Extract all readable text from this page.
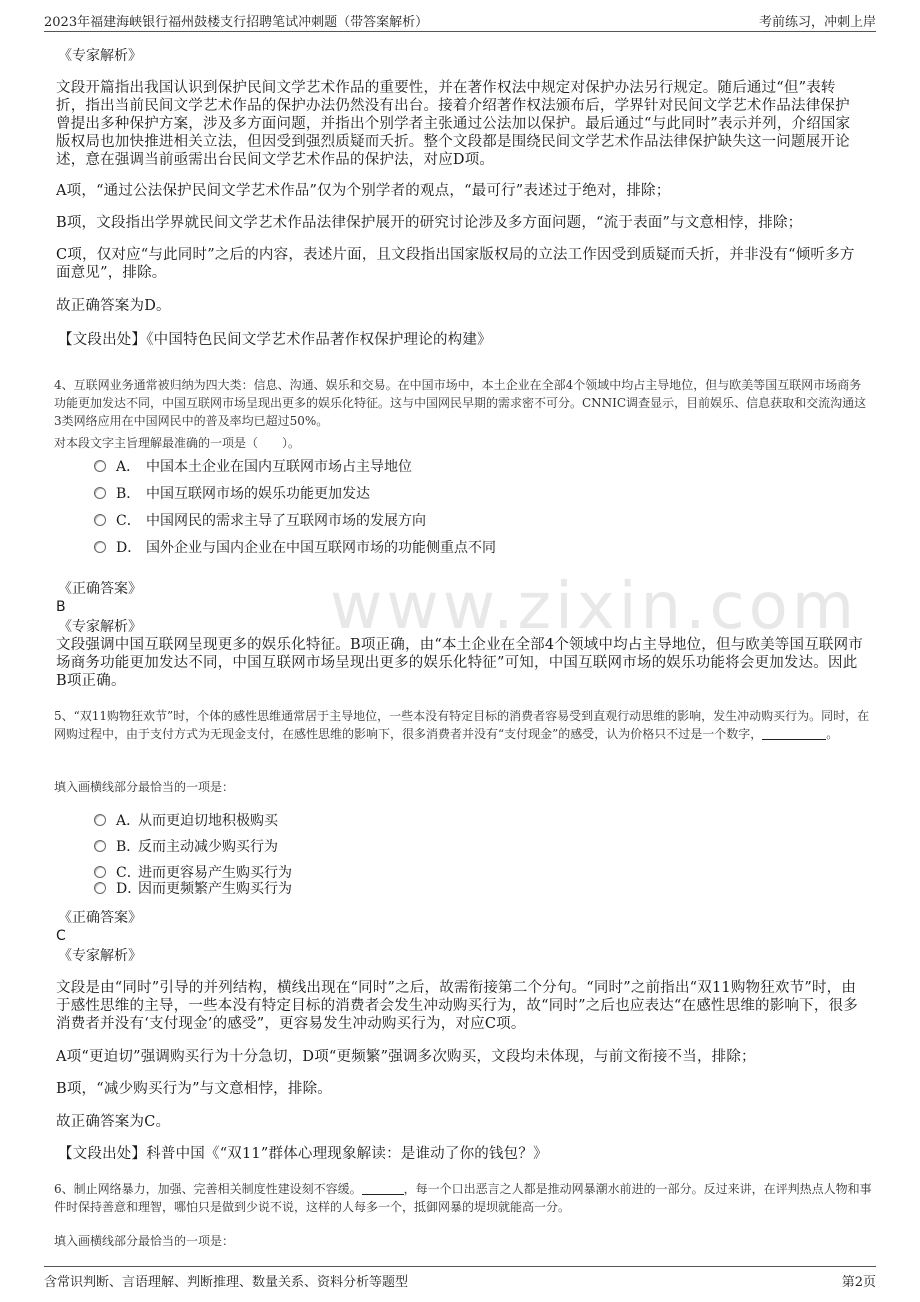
2023年福建海峡银行福州鼓楼支行招聘笔试冲刺题（带答案解析）	考前练习，冲刺上岸
www.zixin.com

《专家解析》

文段开篇指出我国认识到保护民间文学艺术作品的重要性，并在著作权法中规定对保护办法另行规定。随后通过“但”表转折，指出当前民间文学艺术作品的保护办法仍然没有出台。接着介绍著作权法颁布后，学界针对民间文学艺术作品法律保护曾提出多种保护方案，涉及多方面问题，并指出个别学者主张通过公法加以保护。最后通过“与此同时”表示并列，介绍国家版权局也加快推进相关立法，但因受到强烈质疑而夭折。整个文段都是围绕民间文学艺术作品法律保护缺失这一问题展开论述，意在强调当前亟需出台民间文学艺术作品的保护法，对应D项。

A项，“通过公法保护民间文学艺术作品”仅为个别学者的观点，“最可行”表述过于绝对，排除；

B项，文段指出学界就民间文学艺术作品法律保护展开的研究讨论涉及多方面问题，“流于表面”与文意相悖，排除；

C项，仅对应“与此同时”之后的内容，表述片面，且文段指出国家版权局的立法工作因受到质疑而夭折，并非没有“倾听多方面意见”，排除。

故正确答案为D。

【文段出处】《中国特色民间文学艺术作品著作权保护理论的构建》

4、互联网业务通常被归纳为四大类：信息、沟通、娱乐和交易。在中国市场中，本土企业在全部4个领域中均占主导地位，但与欧美等国互联网市场商务功能更加发达不同，中国互联网市场呈现出更多的娱乐化特征。这与中国网民早期的需求密不可分。CNNIC调查显示，目前娱乐、信息获取和交流沟通这3类网络应用在中国网民中的普及率均已超过50%。

对本段文字主旨理解最准确的一项是（　　）。

A． 中国本土企业在国内互联网市场占主导地位
B． 中国互联网市场的娱乐功能更加发达
C． 中国网民的需求主导了互联网市场的发展方向
D． 国外企业与国内企业在中国互联网市场的功能侧重点不同

《正确答案》

B

《专家解析》

文段强调中国互联网呈现更多的娱乐化特征。B项正确，由“本土企业在全部4个领域中均占主导地位，但与欧美等国互联网市场商务功能更加发达不同，中国互联网市场呈现出更多的娱乐化特征”可知，中国互联网市场的娱乐功能将会更加发达。因此B项正确。

5、“双11购物狂欢节”时，个体的感性思维通常居于主导地位，一些本没有特定目标的消费者容易受到直观行动思维的影响，发生冲动购买行为。同时，在网购过程中，由于支付方式为无现金支付，在感性思维的影响下，很多消费者并没有“支付现金”的感受，认为价格只不过是一个数字，	。

填入画横线部分最恰当的一项是：

A．从而更迫切地积极购买
B．反而主动减少购买行为
C．进而更容易产生购买行为
D．因而更频繁产生购买行为

《正确答案》

C

《专家解析》

文段是由“同时”引导的并列结构，横线出现在“同时”之后，故需衔接第二个分句。“同时”之前指出“双11购物狂欢节”时，由于感性思维的主导，一些本没有特定目标的消费者会发生冲动购买行为，故“同时”之后也应表达“在感性思维的影响下，很多消费者并没有‘支付现金’的感受”，更容易发生冲动购买行为，对应C项。

A项“更迫切”强调购买行为十分急切，D项“更频繁”强调多次购买，文段均未体现，与前文衔接不当，排除；

B项，“减少购买行为”与文意相悖，排除。

故正确答案为C。

【文段出处】科普中国《“双11”群体心理现象解读：是谁动了你的钱包？》

6、制止网络暴力，加强、完善相关制度性建设刻不容缓。	，每一个口出恶言之人都是推动网暴潮水前进的一部分。反过来讲，在评判热点人物和事件时保持善意和理智，哪怕只是做到少说不说，这样的人每多一个，抵御网暴的堤坝就能高一分。

填入画横线部分最恰当的一项是：

含常识判断、言语理解、判断推理、数量关系、资料分析等题型	第2页
